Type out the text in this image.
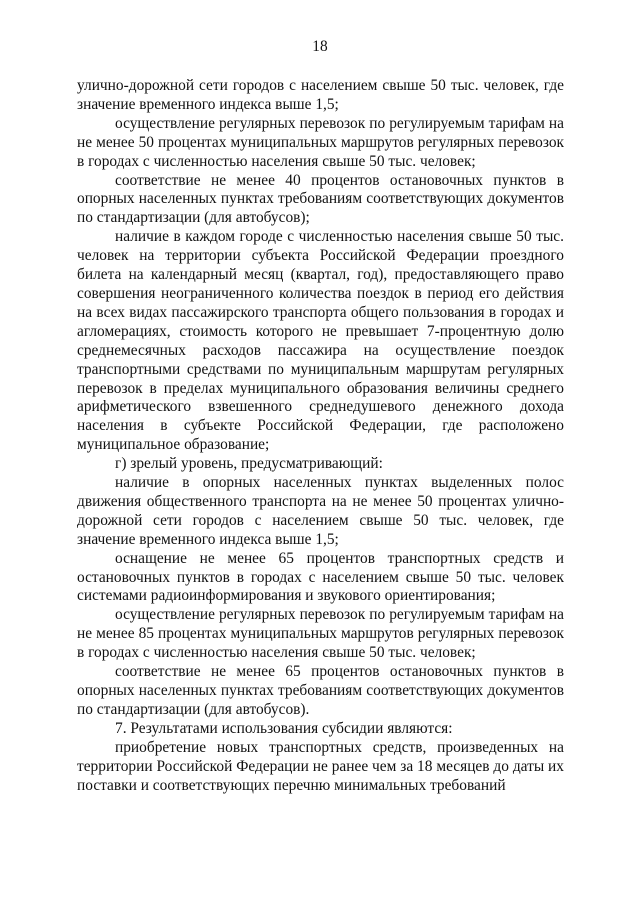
18

улично-дорожной сети городов с населением свыше 50 тыс. человек, где значение временного индекса выше 1,5;

осуществление регулярных перевозок по регулируемым тарифам на не менее 50 процентах муниципальных маршрутов регулярных перевозок в городах с численностью населения свыше 50 тыс. человек;

соответствие не менее 40 процентов остановочных пунктов в опорных населенных пунктах требованиям соответствующих документов по стандартизации (для автобусов);

наличие в каждом городе с численностью населения свыше 50 тыс. человек на территории субъекта Российской Федерации проездного билета на календарный месяц (квартал, год), предоставляющего право совершения неограниченного количества поездок в период его действия на всех видах пассажирского транспорта общего пользования в городах и агломерациях, стоимость которого не превышает 7-процентную долю среднемесячных расходов пассажира на осуществление поездок транспортными средствами по муниципальным маршрутам регулярных перевозок в пределах муниципального образования величины среднего арифметического взвешенного среднедушевого денежного дохода населения в субъекте Российской Федерации, где расположено муниципальное образование;

г) зрелый уровень, предусматривающий:

наличие в опорных населенных пунктах выделенных полос движения общественного транспорта на не менее 50 процентах улично-дорожной сети городов с населением свыше 50 тыс. человек, где значение временного индекса выше 1,5;

оснащение не менее 65 процентов транспортных средств и остановочных пунктов в городах с населением свыше 50 тыс. человек системами радиоинформирования и звукового ориентирования;

осуществление регулярных перевозок по регулируемым тарифам на не менее 85 процентах муниципальных маршрутов регулярных перевозок в городах с численностью населения свыше 50 тыс. человек;

соответствие не менее 65 процентов остановочных пунктов в опорных населенных пунктах требованиям соответствующих документов по стандартизации (для автобусов).

7. Результатами использования субсидии являются:

приобретение новых транспортных средств, произведенных на территории Российской Федерации не ранее чем за 18 месяцев до даты их поставки и соответствующих перечню минимальных требований
